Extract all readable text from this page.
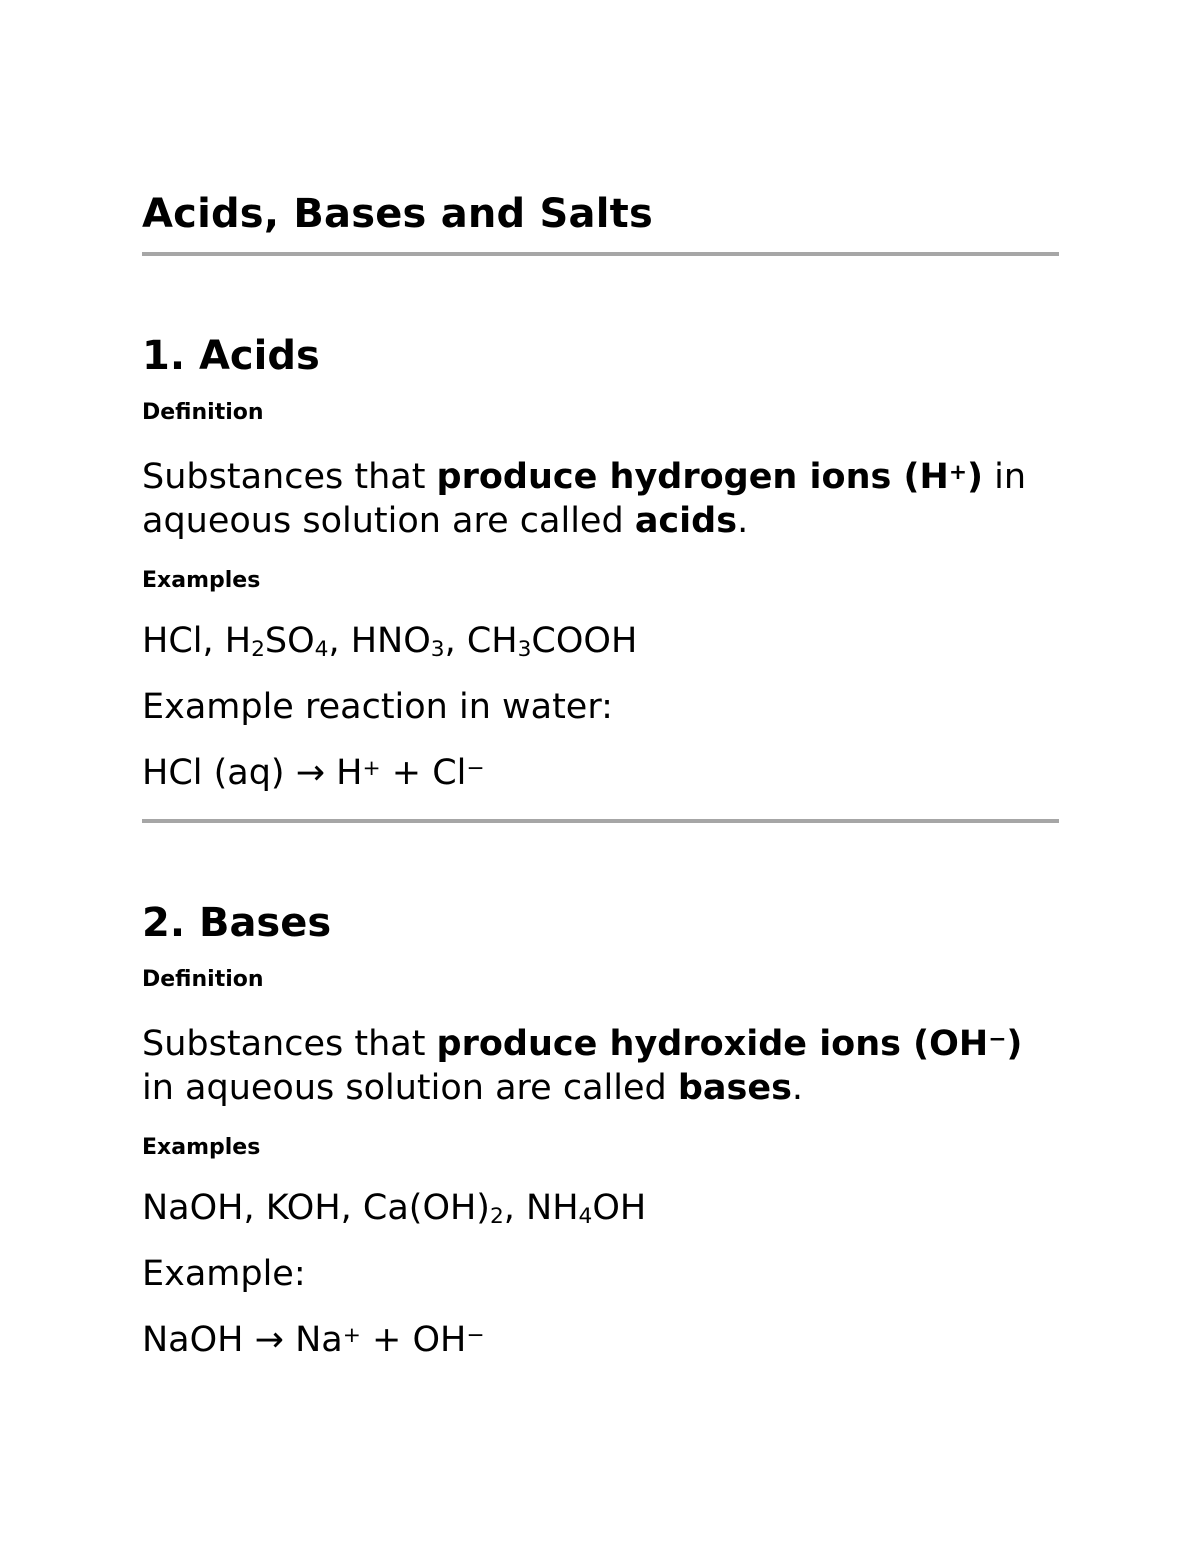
Acids, Bases and Salts
1. Acids

Definition

Substances that produce hydrogen ions (H+) in aqueous solution are called acids.

Examples

HCl, $H_2SO_4$, $HNO_3$, $CH_3COOH$

Example reaction in water:

HCl (aq) → H+ + Cl−

2. Bases

Definition

Substances that produce hydroxide ions (OH−) in aqueous solution are called bases.

Examples

NaOH, KOH, $Ca(OH)_2$, $NH_4OH$

Example:

NaOH → Na+ + OH−
